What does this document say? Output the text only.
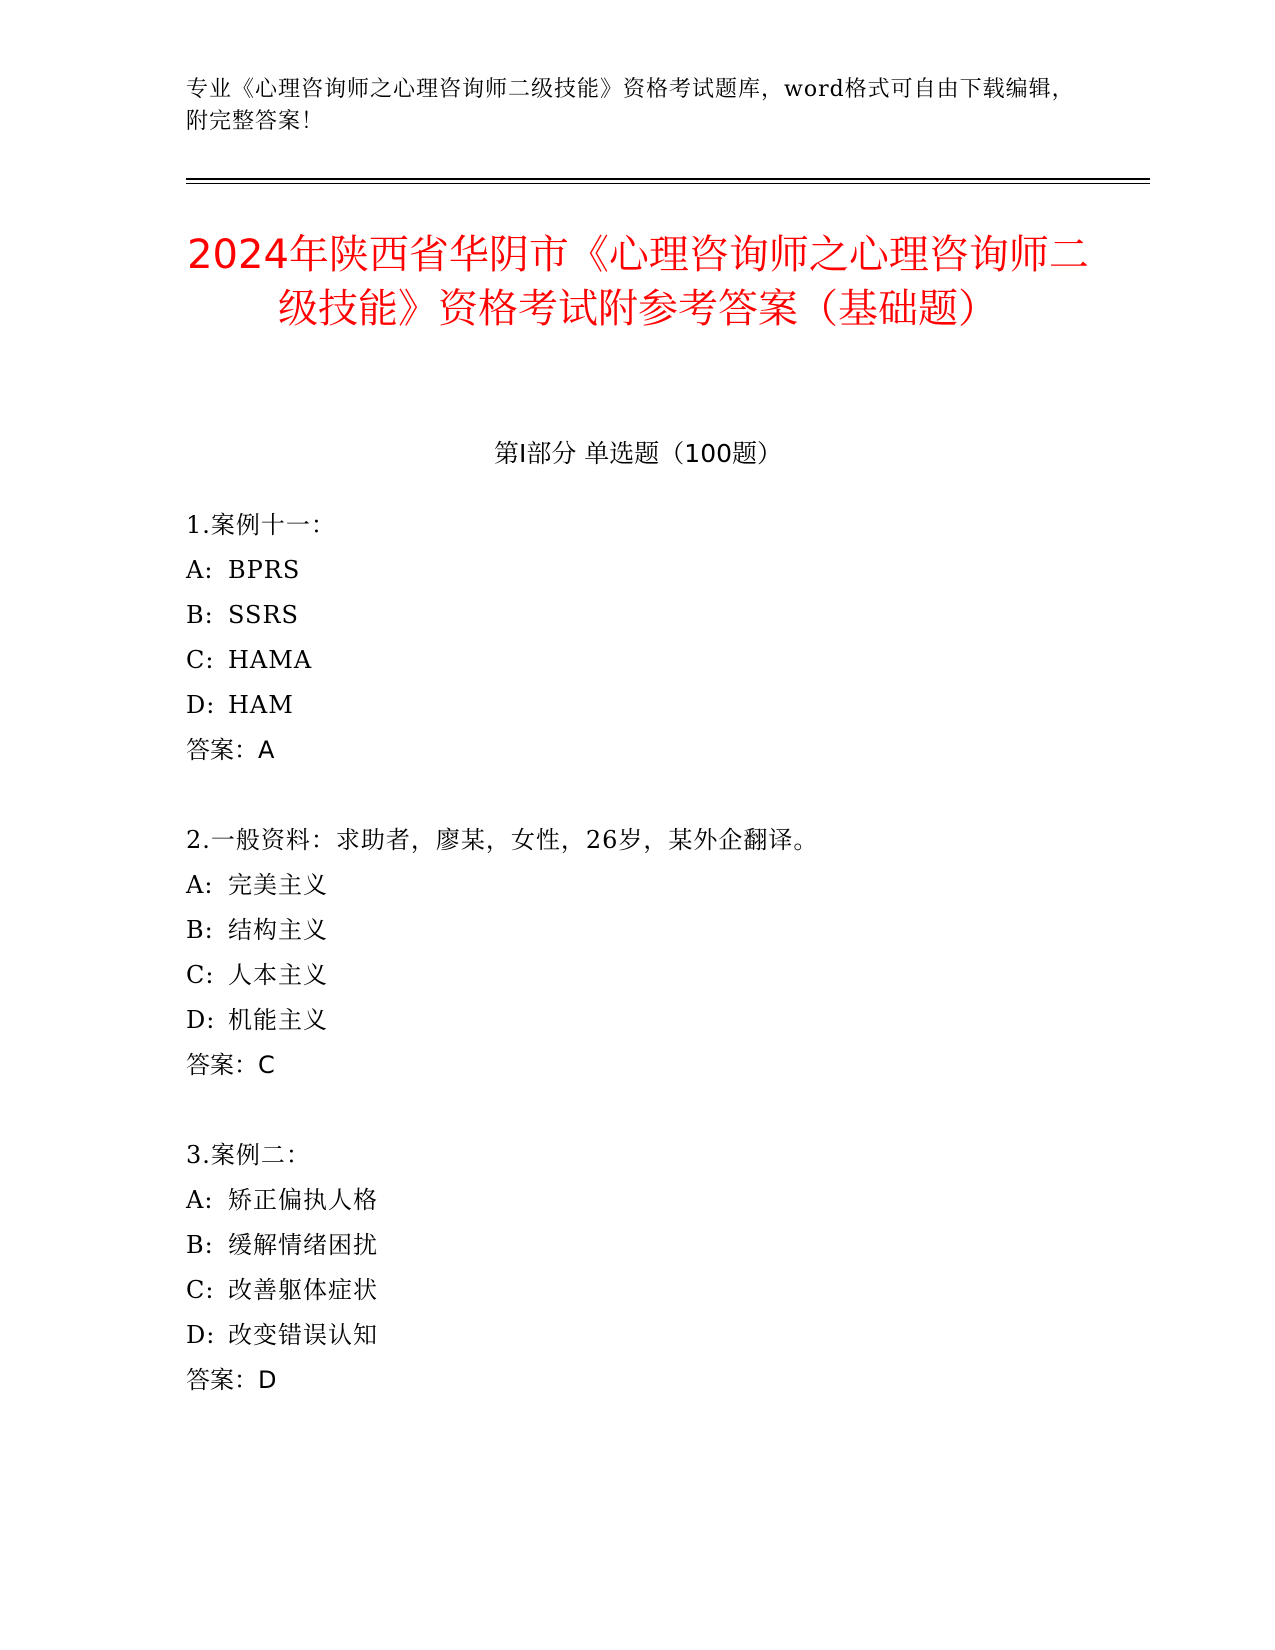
专业《心理咨询师之心理咨询师二级技能》资格考试题库，word格式可自由下载编辑，附完整答案！
2024年陕西省华阴市《心理咨询师之心理咨询师二级技能》资格考试附参考答案（基础题）
第Ⅰ部分 单选题（100题）
1.案例十一：
A: BPRS
B: SSRS
C: HAMA
D: HAM
答案：A
2.一般资料：求助者，廖某，女性，26岁，某外企翻译。
A: 完美主义
B: 结构主义
C: 人本主义
D: 机能主义
答案：C
3.案例二：
A: 矫正偏执人格
B: 缓解情绪困扰
C: 改善躯体症状
D: 改变错误认知
答案：D
